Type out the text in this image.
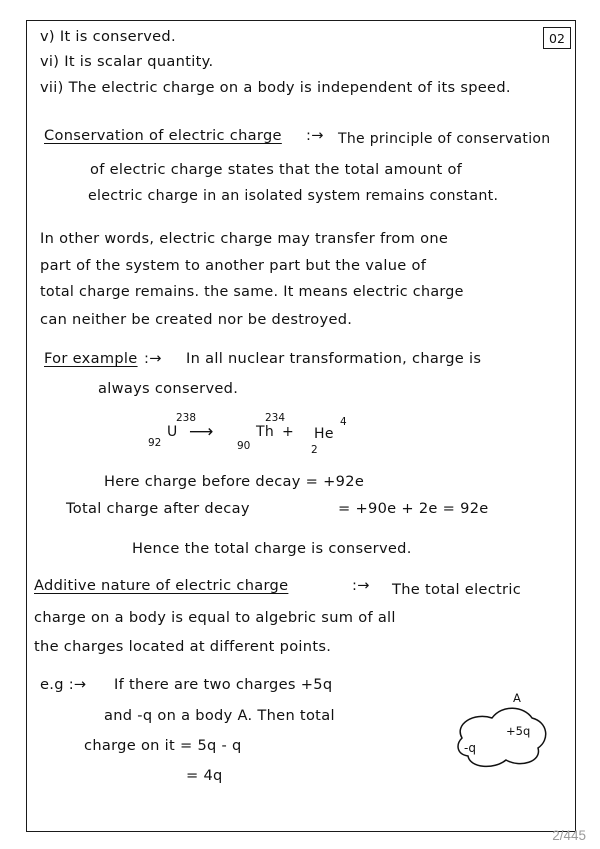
02
v) It is conserved.
vi) It is scalar quantity.
vii) The electric charge on a body is independent of its speed.
Conservation of electric charge :→ The principle of conservation
of electric charge states that the total amount of
electric charge in an isolated system remains constant.
In other words, electric charge may transfer from one
part of the system to another part but the value of
total charge remains. the same. It means electric charge
can neither be created nor be destroyed.
For example :→ In all nuclear transformation, charge is
always conserved.
238
92
U ⟶
234
90
Th + He
4
2
Here charge before decay = +92e
Total charge after decay	= +90e + 2e = 92e
Hence the total charge is conserved.
Additive nature of electric charge	:→ The total electric
charge on a body is equal to algebric sum of all
the charges located at different points.
e.g :→ If there are two charges +5q
and -q on a body A. Then total
charge on it = 5q - q
= 4q
A
+5q
-q
2/445
